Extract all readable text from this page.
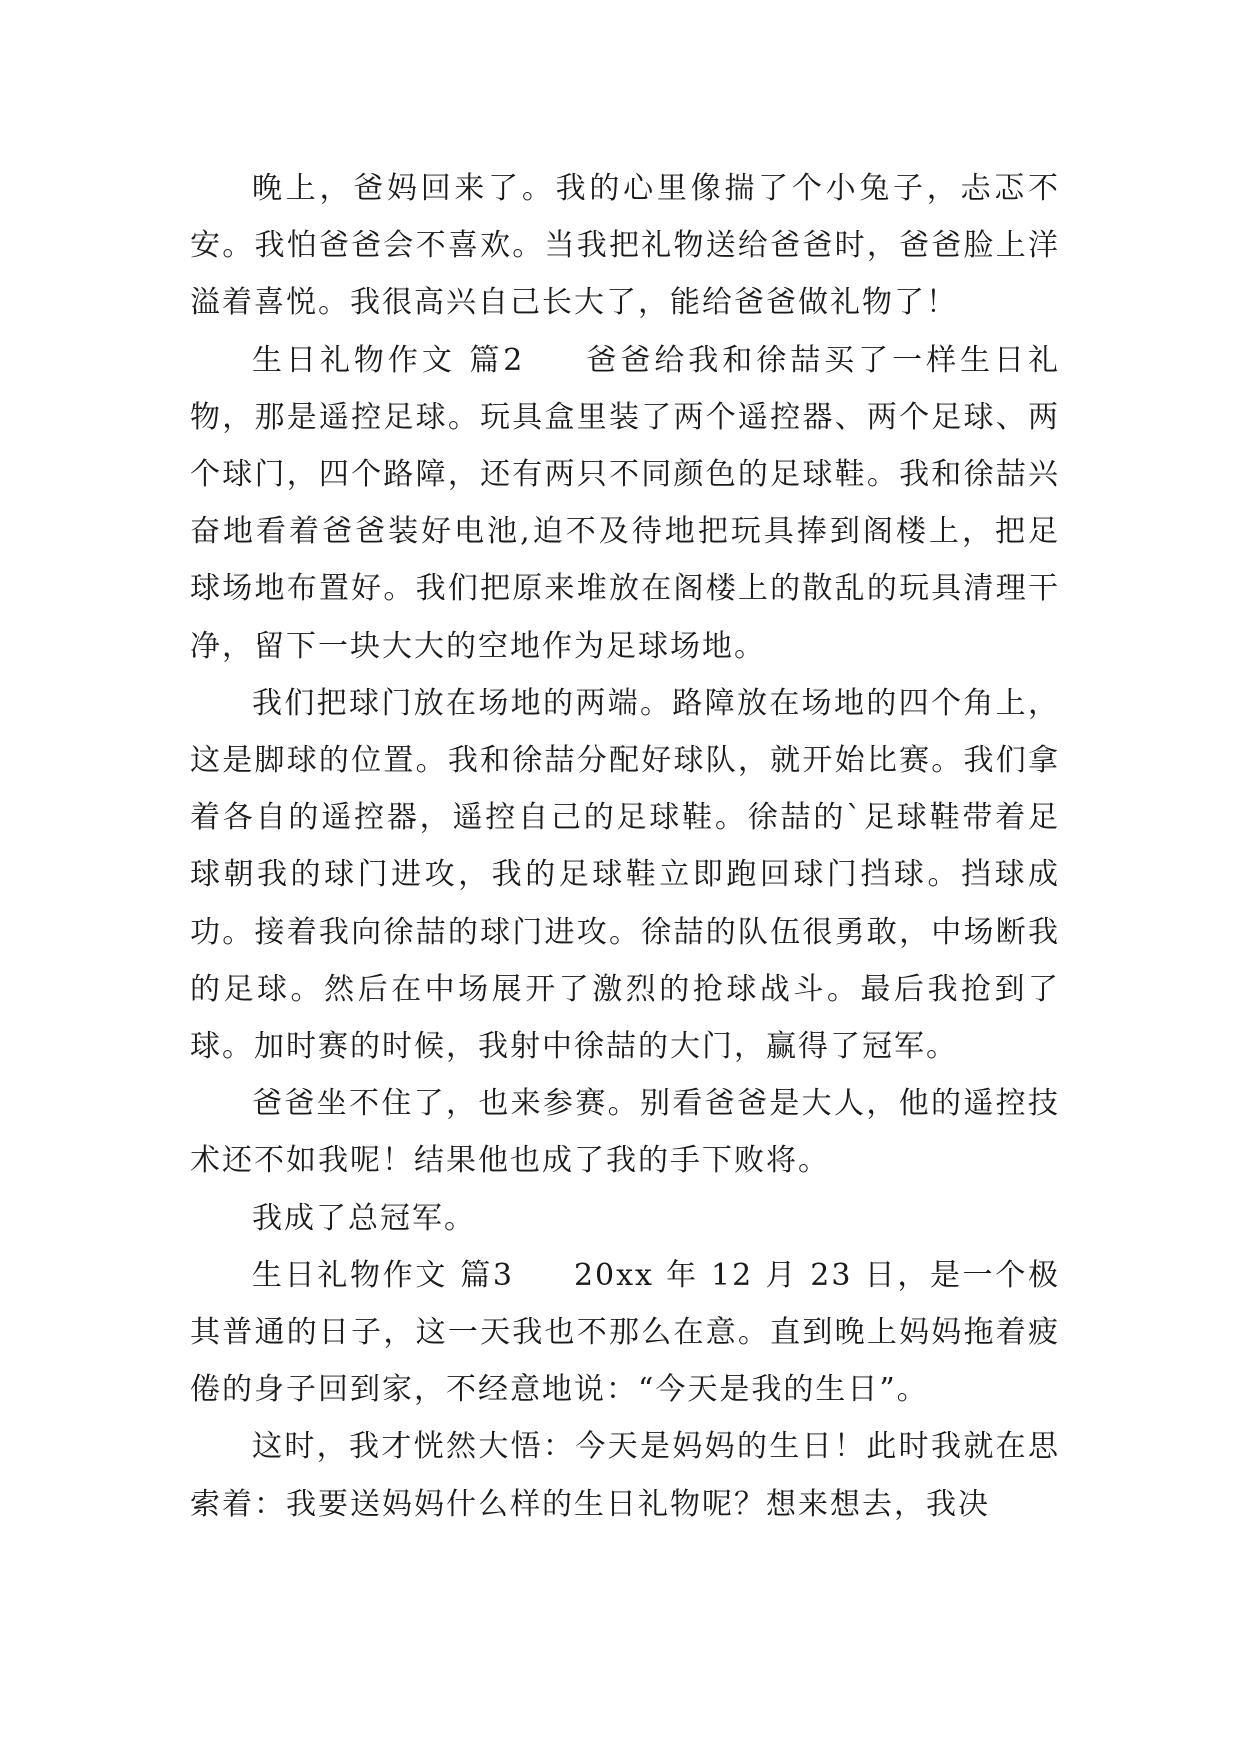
晚上，爸妈回来了。我的心里像揣了个小兔子，忐忑不安。我怕爸爸会不喜欢。当我把礼物送给爸爸时，爸爸脸上洋溢着喜悦。我很高兴自己长大了，能给爸爸做礼物了！

生日礼物作文 篇2 爸爸给我和徐喆买了一样生日礼物，那是遥控足球。玩具盒里装了两个遥控器、两个足球、两个球门，四个路障，还有两只不同颜色的足球鞋。我和徐喆兴奋地看着爸爸装好电池,迫不及待地把玩具捧到阁楼上，把足球场地布置好。我们把原来堆放在阁楼上的散乱的玩具清理干净，留下一块大大的空地作为足球场地。

我们把球门放在场地的两端。路障放在场地的四个角上，这是脚球的位置。我和徐喆分配好球队，就开始比赛。我们拿着各自的遥控器，遥控自己的足球鞋。徐喆的`足球鞋带着足球朝我的球门进攻，我的足球鞋立即跑回球门挡球。挡球成功。接着我向徐喆的球门进攻。徐喆的队伍很勇敢，中场断我的足球。然后在中场展开了激烈的抢球战斗。最后我抢到了球。加时赛的时候，我射中徐喆的大门，赢得了冠军。

爸爸坐不住了，也来参赛。别看爸爸是大人，他的遥控技术还不如我呢！结果他也成了我的手下败将。

我成了总冠军。

生日礼物作文 篇3 20xx 年 12 月 23 日，是一个极其普通的日子，这一天我也不那么在意。直到晚上妈妈拖着疲倦的身子回到家，不经意地说：“今天是我的生日”。

这时，我才恍然大悟：今天是妈妈的生日！此时我就在思索着：我要送妈妈什么样的生日礼物呢？想来想去，我决
